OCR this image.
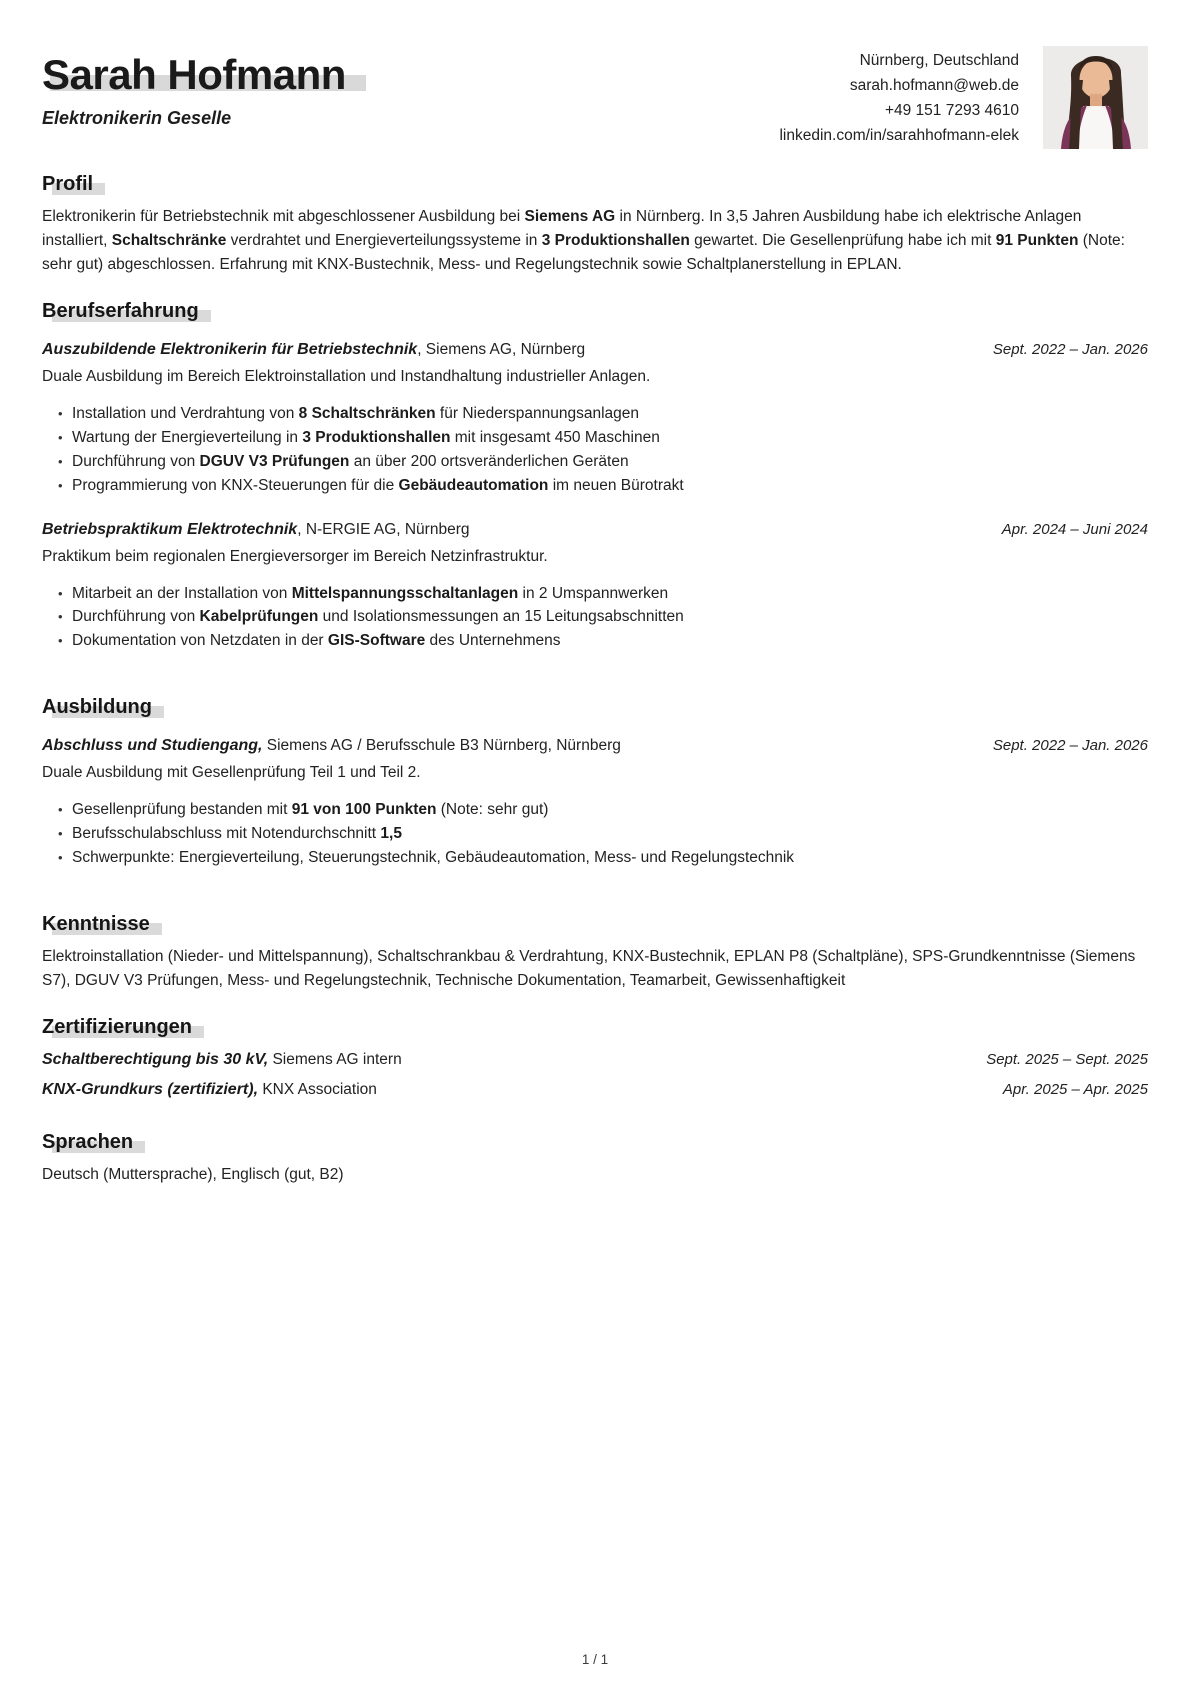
Sarah Hofmann
Elektronikerin Geselle
Nürnberg, Deutschland
sarah.hofmann@web.de
+49 151 7293 4610
linkedin.com/in/sarahhofmann-elek
Profil

Elektronikerin für Betriebstechnik mit abgeschlossener Ausbildung bei Siemens AG in Nürnberg. In 3,5 Jahren Ausbildung habe ich elektrische Anlagen installiert, Schaltschränke verdrahtet und Energieverteilungssysteme in 3 Produktionshallen gewartet. Die Gesellenprüfung habe ich mit 91 Punkten (Note: sehr gut) abgeschlossen. Erfahrung mit KNX-Bustechnik, Mess- und Regelungstechnik sowie Schaltplanerstellung in EPLAN.

Berufserfahrung
Auszubildende Elektronikerin für Betriebstechnik, Siemens AG, Nürnberg	Sept. 2022 – Jan. 2026
Duale Ausbildung im Bereich Elektroinstallation und Instandhaltung industrieller Anlagen.
• Installation und Verdrahtung von 8 Schaltschränken für Niederspannungsanlagen
• Wartung der Energieverteilung in 3 Produktionshallen mit insgesamt 450 Maschinen
• Durchführung von DGUV V3 Prüfungen an über 200 ortsveränderlichen Geräten
• Programmierung von KNX-Steuerungen für die Gebäudeautomation im neuen Bürotrakt
Betriebspraktikum Elektrotechnik, N-ERGIE AG, Nürnberg	Apr. 2024 – Juni 2024
Praktikum beim regionalen Energieversorger im Bereich Netzinfrastruktur.
• Mitarbeit an der Installation von Mittelspannungsschaltanlagen in 2 Umspannwerken
• Durchführung von Kabelprüfungen und Isolationsmessungen an 15 Leitungsabschnitten
• Dokumentation von Netzdaten in der GIS-Software des Unternehmens
Ausbildung
Abschluss und Studiengang, Siemens AG / Berufsschule B3 Nürnberg, Nürnberg	Sept. 2022 – Jan. 2026
Duale Ausbildung mit Gesellenprüfung Teil 1 und Teil 2.
• Gesellenprüfung bestanden mit 91 von 100 Punkten (Note: sehr gut)
• Berufsschulabschluss mit Notendurchschnitt 1,5
• Schwerpunkte: Energieverteilung, Steuerungstechnik, Gebäudeautomation, Mess- und Regelungstechnik
Kenntnisse

Elektroinstallation (Nieder- und Mittelspannung), Schaltschrankbau & Verdrahtung, KNX-Bustechnik, EPLAN P8 (Schaltpläne), SPS-Grundkenntnisse (Siemens S7), DGUV V3 Prüfungen, Mess- und Regelungstechnik, Technische Dokumentation, Teamarbeit, Gewissenhaftigkeit

Zertifizierungen
Schaltberechtigung bis 30 kV, Siemens AG intern	Sept. 2025 – Sept. 2025
KNX-Grundkurs (zertifiziert), KNX Association	Apr. 2025 – Apr. 2025
Sprachen

Deutsch (Muttersprache), Englisch (gut, B2)

1 / 1
